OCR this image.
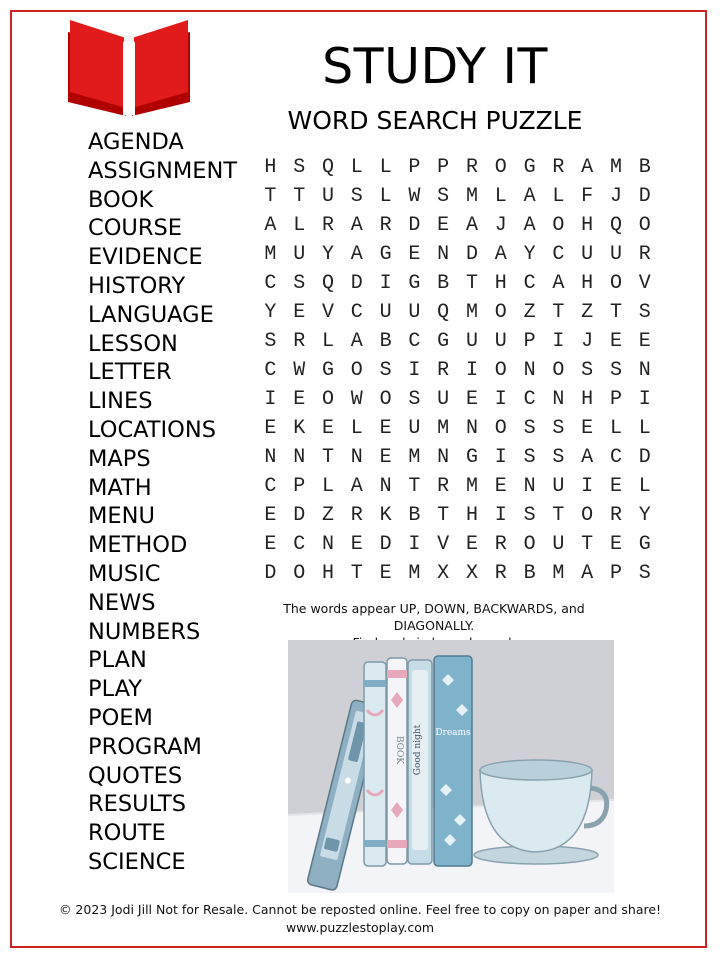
STUDY IT
WORD SEARCH PUZZLE
AGENDA
ASSIGNMENT
BOOK
COURSE
EVIDENCE
HISTORY
LANGUAGE
LESSON
LETTER
LINES
LOCATIONS
MAPS
MATH
MENU
METHOD
MUSIC
NEWS
NUMBERS
PLAN
PLAY
POEM
PROGRAM
QUOTES
RESULTS
ROUTE
SCIENCE
H S Q L L P P R O G R A M B
T T U S L W S M L A L F J D
A L R A R D E A J A O H Q O
M U Y A G E N D A Y C U U R
C S Q D I G B T H C A H O V
Y E V C U U Q M O Z T Z T S
S R L A B C G U U P I J E E
C W G O S I R I O N O S S N
I E O W O S U E I C N H P I
E K E L E U M N O S S E L L
N N T N E M N G I S S A C D
C P L A N T R M E N U I E L
E D Z R K B T H I S T O R Y
E C N E D I V E R O U T E G
D O H T E M X X R B M A P S
The words appear UP, DOWN, BACKWARDS, and DIAGONALLY.
BOOK Good night Dreams
© 2023 Jodi Jill Not for Resale. Cannot be reposted online. Feel free to copy on paper and share!
www.puzzlestoplay.com
